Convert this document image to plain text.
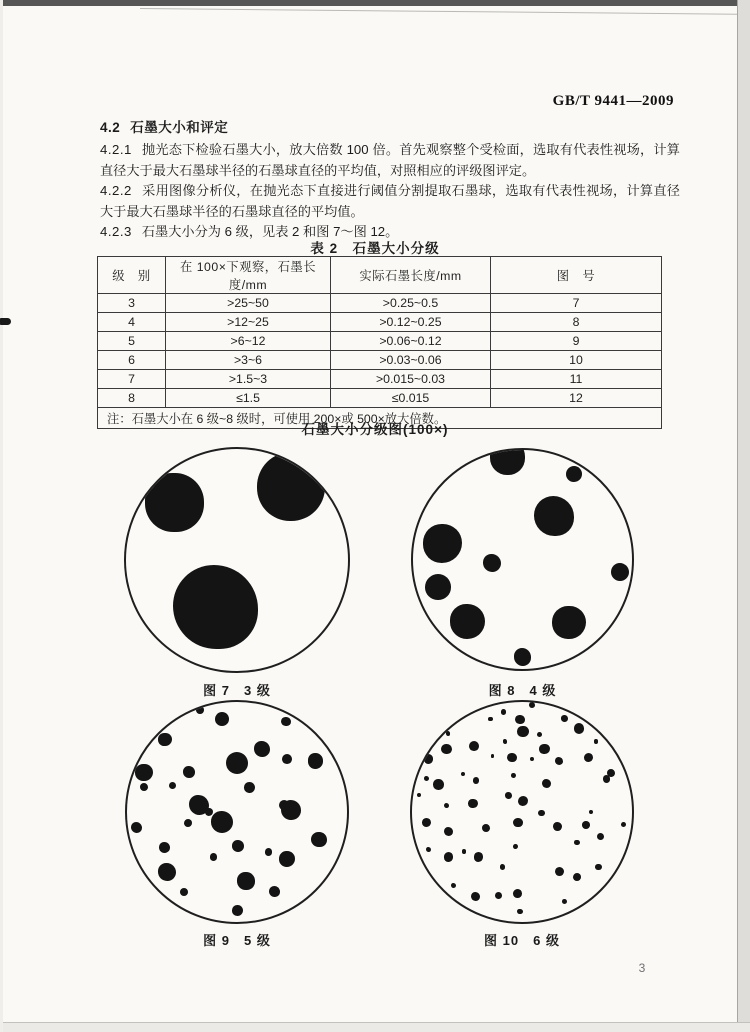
GB/T 9441—2009
4.2 石墨大小和评定

4.2.1 抛光态下检验石墨大小，放大倍数 100 倍。首先观察整个受检面，选取有代表性视场，计算直径大于最大石墨球半径的石墨球直径的平均值，对照相应的评级图评定。

4.2.2 采用图像分析仪，在抛光态下直接进行阈值分割提取石墨球，选取有代表性视场，计算直径大于最大石墨球半径的石墨球直径的平均值。

4.2.3 石墨大小分为 6 级，见表 2 和图 7～图 12。

表 2　石墨大小分级
级　别	在 100×下观察，石墨长度/mm	实际石墨长度/mm	图　号
3	>25~50	>0.25~0.5	7
4	>12~25	>0.12~0.25	8
5	>6~12	>0.06~0.12	9
6	>3~6	>0.03~0.06	10
7	>1.5~3	>0.015~0.03	11
8	≤1.5	≤0.015	12
注：石墨大小在 6 级~8 级时，可使用 200×或 500×放大倍数。			
石墨大小分级图(100×)
图 7　3 级	图 8　4 级
图 9　5 级	图 10　6 级
3
